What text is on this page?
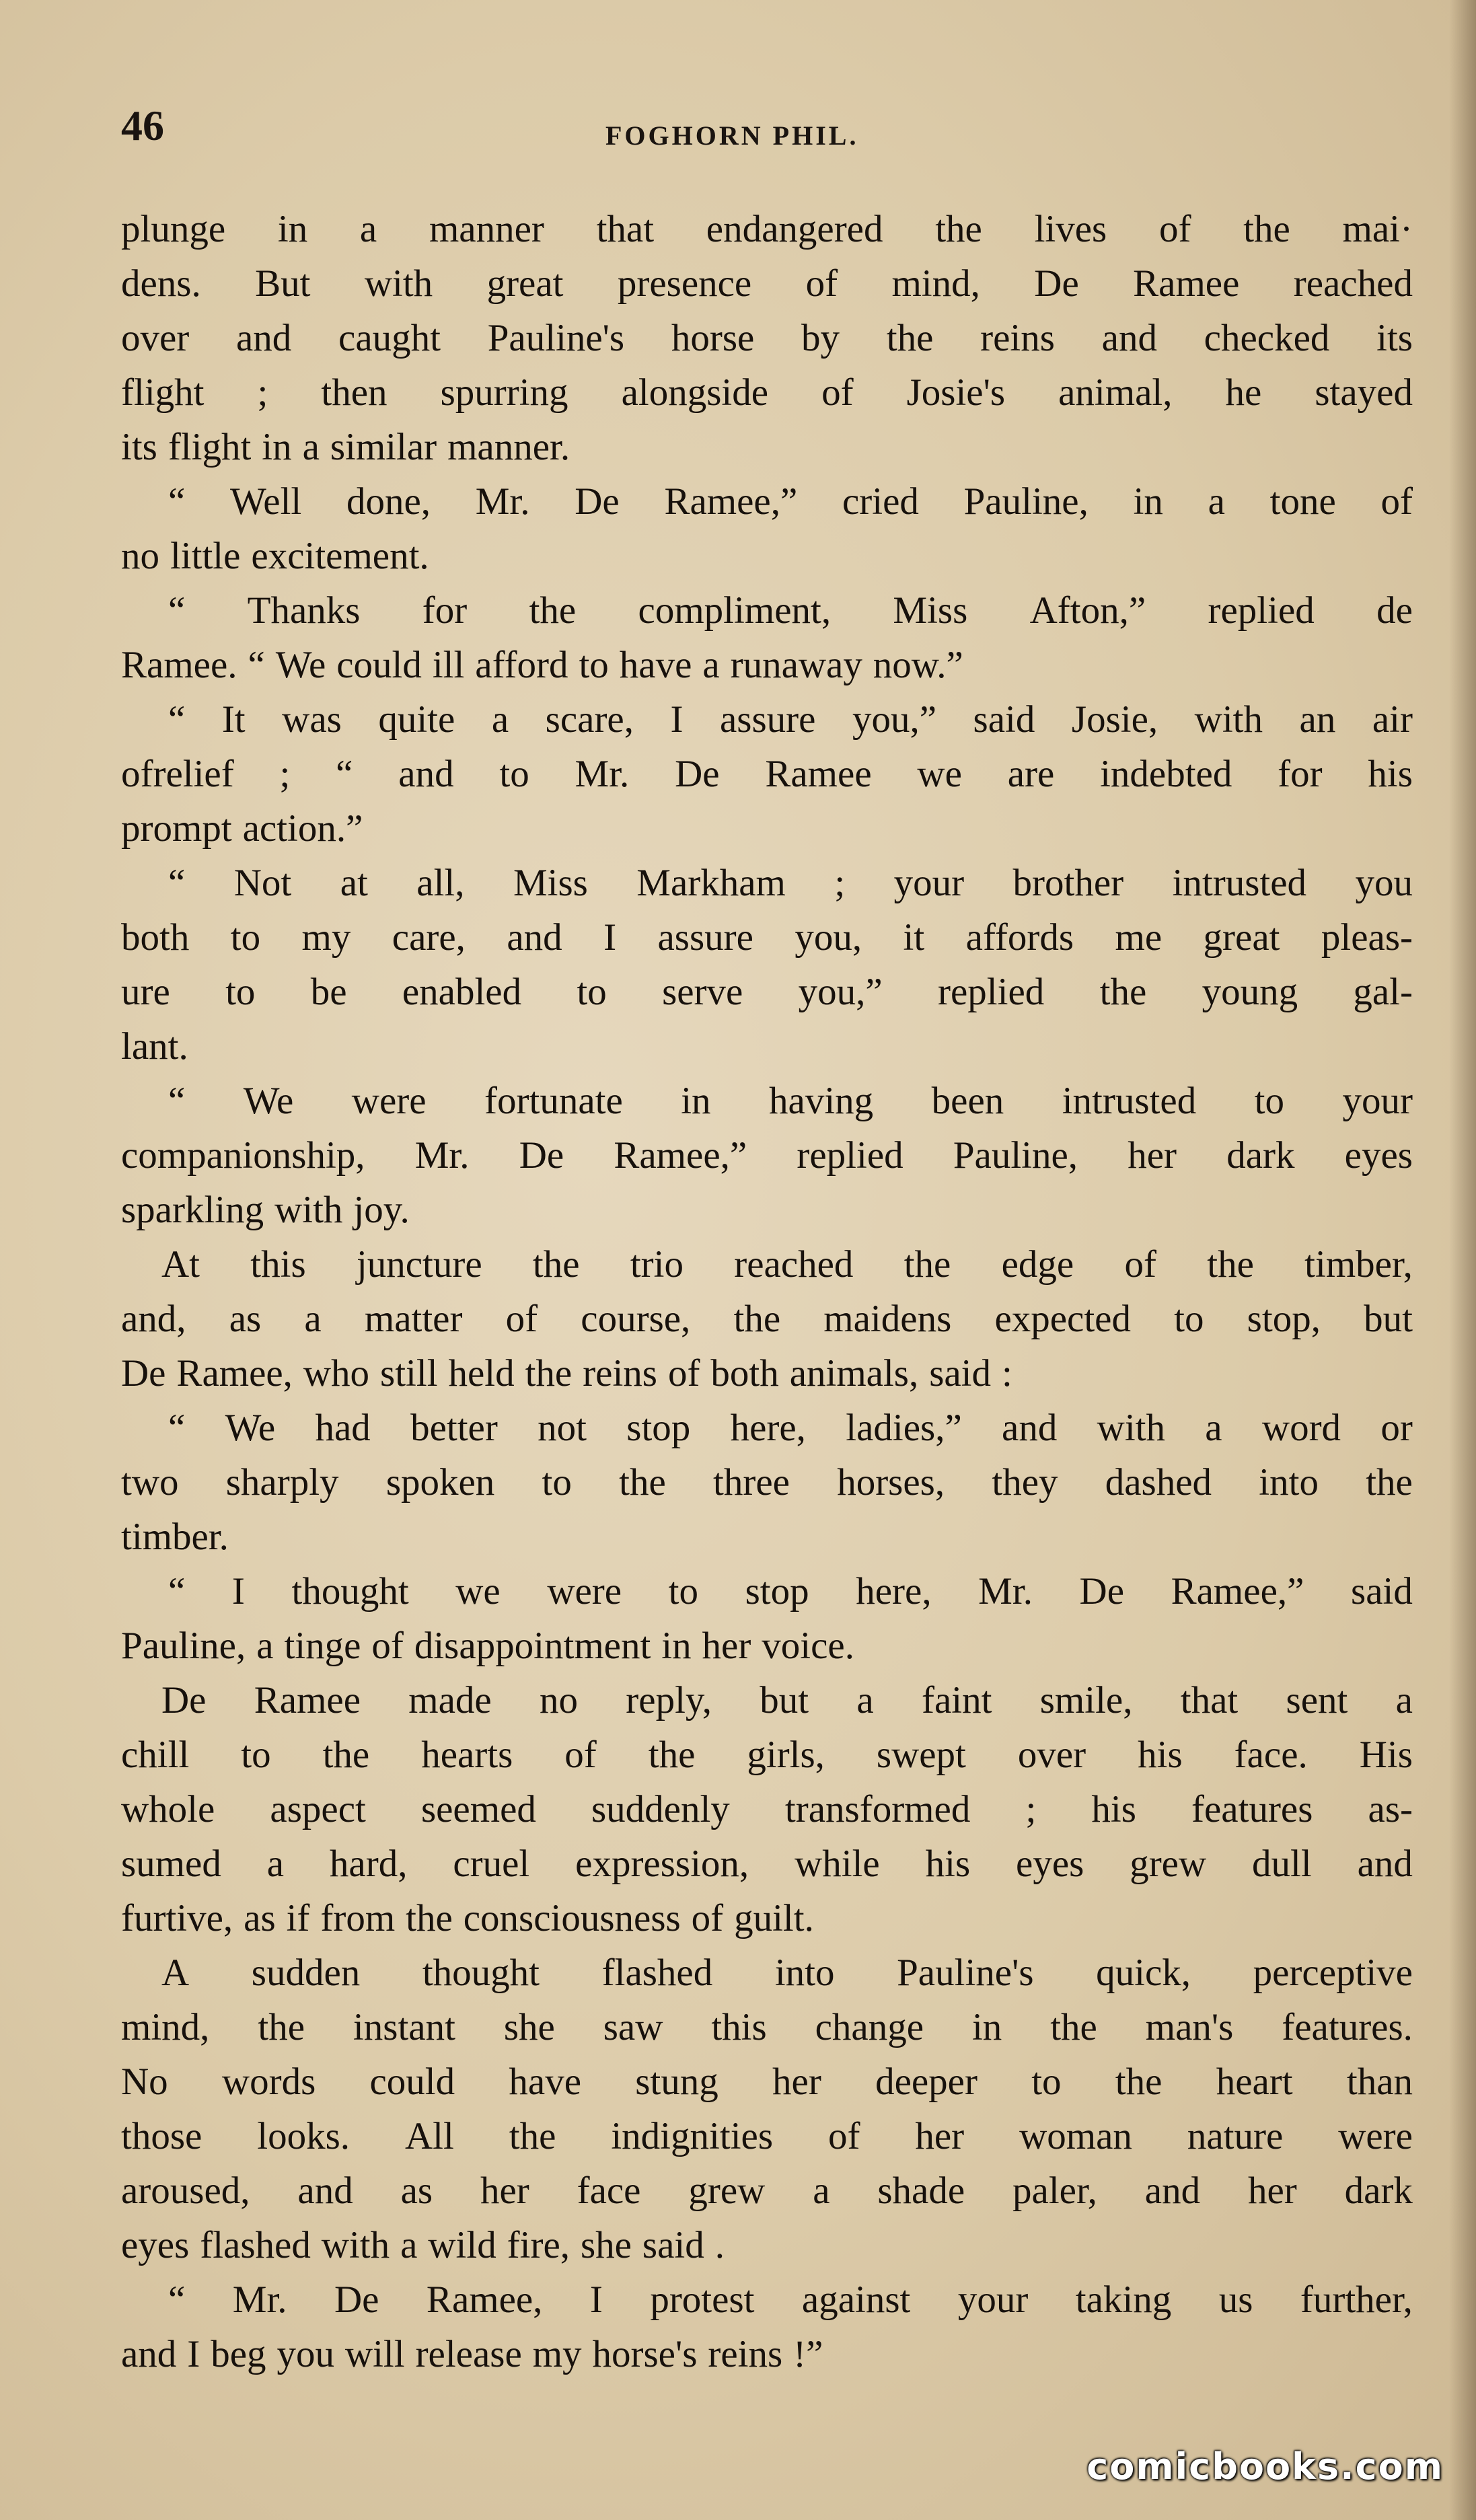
46	FOGHORN PHIL.
plunge in a manner that endangered the lives of the mai·
dens. But with great presence of mind, De Ramee reached
over and caught Pauline's horse by the reins and checked its
flight ; then spurring alongside of Josie's animal, he stayed
its flight in a similar manner.
“ Well done, Mr. De Ramee,” cried Pauline, in a tone of
no little excitement.
“ Thanks for the compliment, Miss Afton,” replied de
Ramee. “ We could ill afford to have a runaway now.”
“ It was quite a scare, I assure you,” said Josie, with an air
ofrelief ; “ and to Mr. De Ramee we are indebted for his
prompt action.”
“ Not at all, Miss Markham ; your brother intrusted you
both to my care, and I assure you, it affords me great pleas-
ure to be enabled to serve you,” replied the young gal-
lant.
“ We were fortunate in having been intrusted to your
companionship, Mr. De Ramee,” replied Pauline, her dark eyes
sparkling with joy.
At this juncture the trio reached the edge of the timber,
and, as a matter of course, the maidens expected to stop, but
De Ramee, who still held the reins of both animals, said :
“ We had better not stop here, ladies,” and with a word or
two sharply spoken to the three horses, they dashed into the
timber.
“ I thought we were to stop here, Mr. De Ramee,” said
Pauline, a tinge of disappointment in her voice.
De Ramee made no reply, but a faint smile, that sent a
chill to the hearts of the girls, swept over his face. His
whole aspect seemed suddenly transformed ; his features as-
sumed a hard, cruel expression, while his eyes grew dull and
furtive, as if from the consciousness of guilt.
A sudden thought flashed into Pauline's quick, perceptive
mind, the instant she saw this change in the man's features.
No words could have stung her deeper to the heart than
those looks. All the indignities of her woman nature were
aroused, and as her face grew a shade paler, and her dark
eyes flashed with a wild fire, she said .
“ Mr. De Ramee, I protest against your taking us further,
and I beg you will release my horse's reins !”
comicbooks.com
